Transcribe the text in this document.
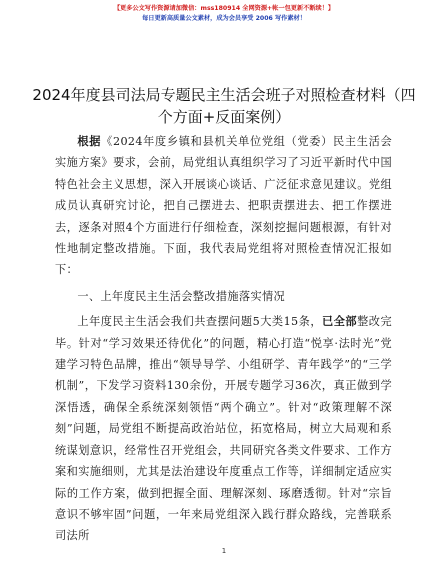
【更多公文写作资源请加微信：mss180914 全网资源+帐一包更新不断续！】
每日更新高质量公文素材，成为会员享受 2006 写作素材！
2024年度县司法局专题民主生活会班子对照检查材料（四个方面+反面案例）

根据《2024年度乡镇和县机关单位党组（党委）民主生活会实施方案》要求，会前，局党组认真组织学习了习近平新时代中国特色社会主义思想，深入开展谈心谈话、广泛征求意见建议。党组成员认真研究讨论，把自己摆进去、把职责摆进去、把工作摆进去，逐条对照4个方面进行仔细检查，深刻挖掘问题根源，有针对性地制定整改措施。下面，我代表局党组将对照检查情况汇报如下：

一、上年度民主生活会整改措施落实情况

上年度民主生活会我们共查摆问题5大类15条，已全部整改完毕。针对“学习效果还待优化”的问题，精心打造“悦享·法时光”党建学习特色品牌，推出“领导导学、小组研学、青年践学”的“三学机制”，下发学习资料130余份，开展专题学习36次，真正做到学深悟透，确保全系统深刻领悟“两个确立”。针对“政策理解不深刻”问题，局党组不断提高政治站位，拓宽格局，树立大局观和系统谋划意识，经常性召开党组会，共同研究各类文件要求、工作方案和实施细则，尤其是法治建设年度重点工作等，详细制定适应实际的工作方案，做到把握全面、理解深刻、琢磨透彻。针对“宗旨意识不够牢固”问题，一年来局党组深入践行群众路线，完善联系司法所

1
